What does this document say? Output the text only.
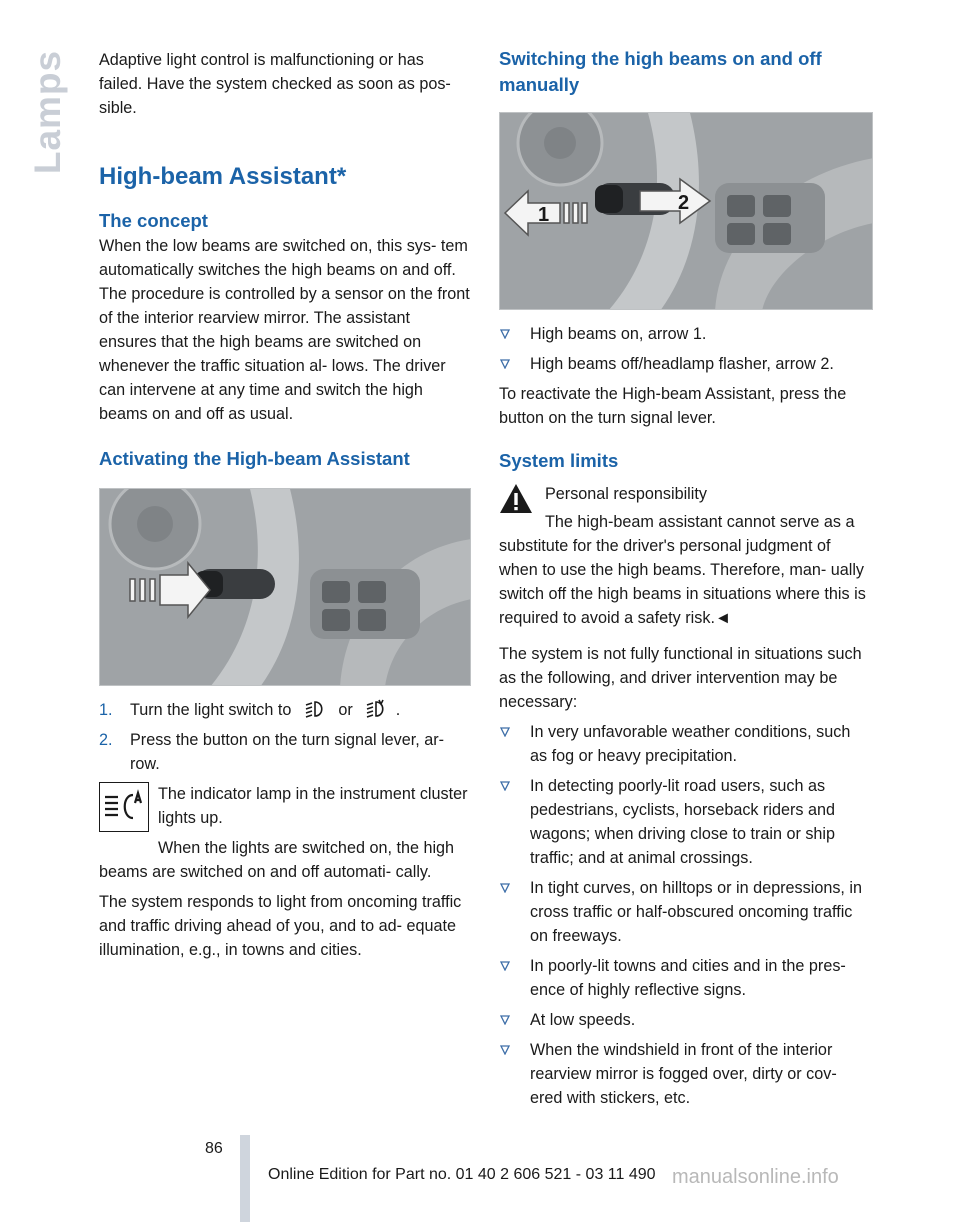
Lamps Adaptive light control is malfunctioning or has failed. Have the system checked as soon as pos- sible.

High-beam Assistant*
The concept

When the low beams are switched on, this sys- tem automatically switches the high beams on and off. The procedure is controlled by a sensor on the front of the interior rearview mirror. The assistant ensures that the high beams are switched on whenever the traffic situation al- lows. The driver can intervene at any time and switch the high beams on and off as usual.

Activating the High-beam Assistant
1. Turn the light switch to	or	.
2. Press the button on the turn signal lever, ar- row.

The indicator lamp in the instrument cluster lights up.

When the lights are switched on, the high beams are switched on and off automati- cally.

The system responds to light from oncoming traffic and traffic driving ahead of you, and to ad- equate illumination, e.g., in towns and cities.

Switching the high beams on and off manually
1
2
High beams on, arrow 1.
High beams off/headlamp flasher, arrow 2.

To reactivate the High-beam Assistant, press the button on the turn signal lever.

System limits

Personal responsibility

The high-beam assistant cannot serve as a substitute for the driver's personal judgment of when to use the high beams. Therefore, man- ually switch off the high beams in situations where this is required to avoid a safety risk.◄

The system is not fully functional in situations such as the following, and driver intervention may be necessary:

In very unfavorable weather conditions, such as fog or heavy precipitation.
In detecting poorly-lit road users, such as pedestrians, cyclists, horseback riders and wagons; when driving close to train or ship traffic; and at animal crossings.
In tight curves, on hilltops or in depressions, in cross traffic or half-obscured oncoming traffic on freeways.
In poorly-lit towns and cities and in the pres- ence of highly reflective signs.
At low speeds.
When the windshield in front of the interior rearview mirror is fogged over, dirty or cov- ered with stickers, etc.
86
Online Edition for Part no. 01 40 2 606 521 - 03 11 490 manualsonline.info
